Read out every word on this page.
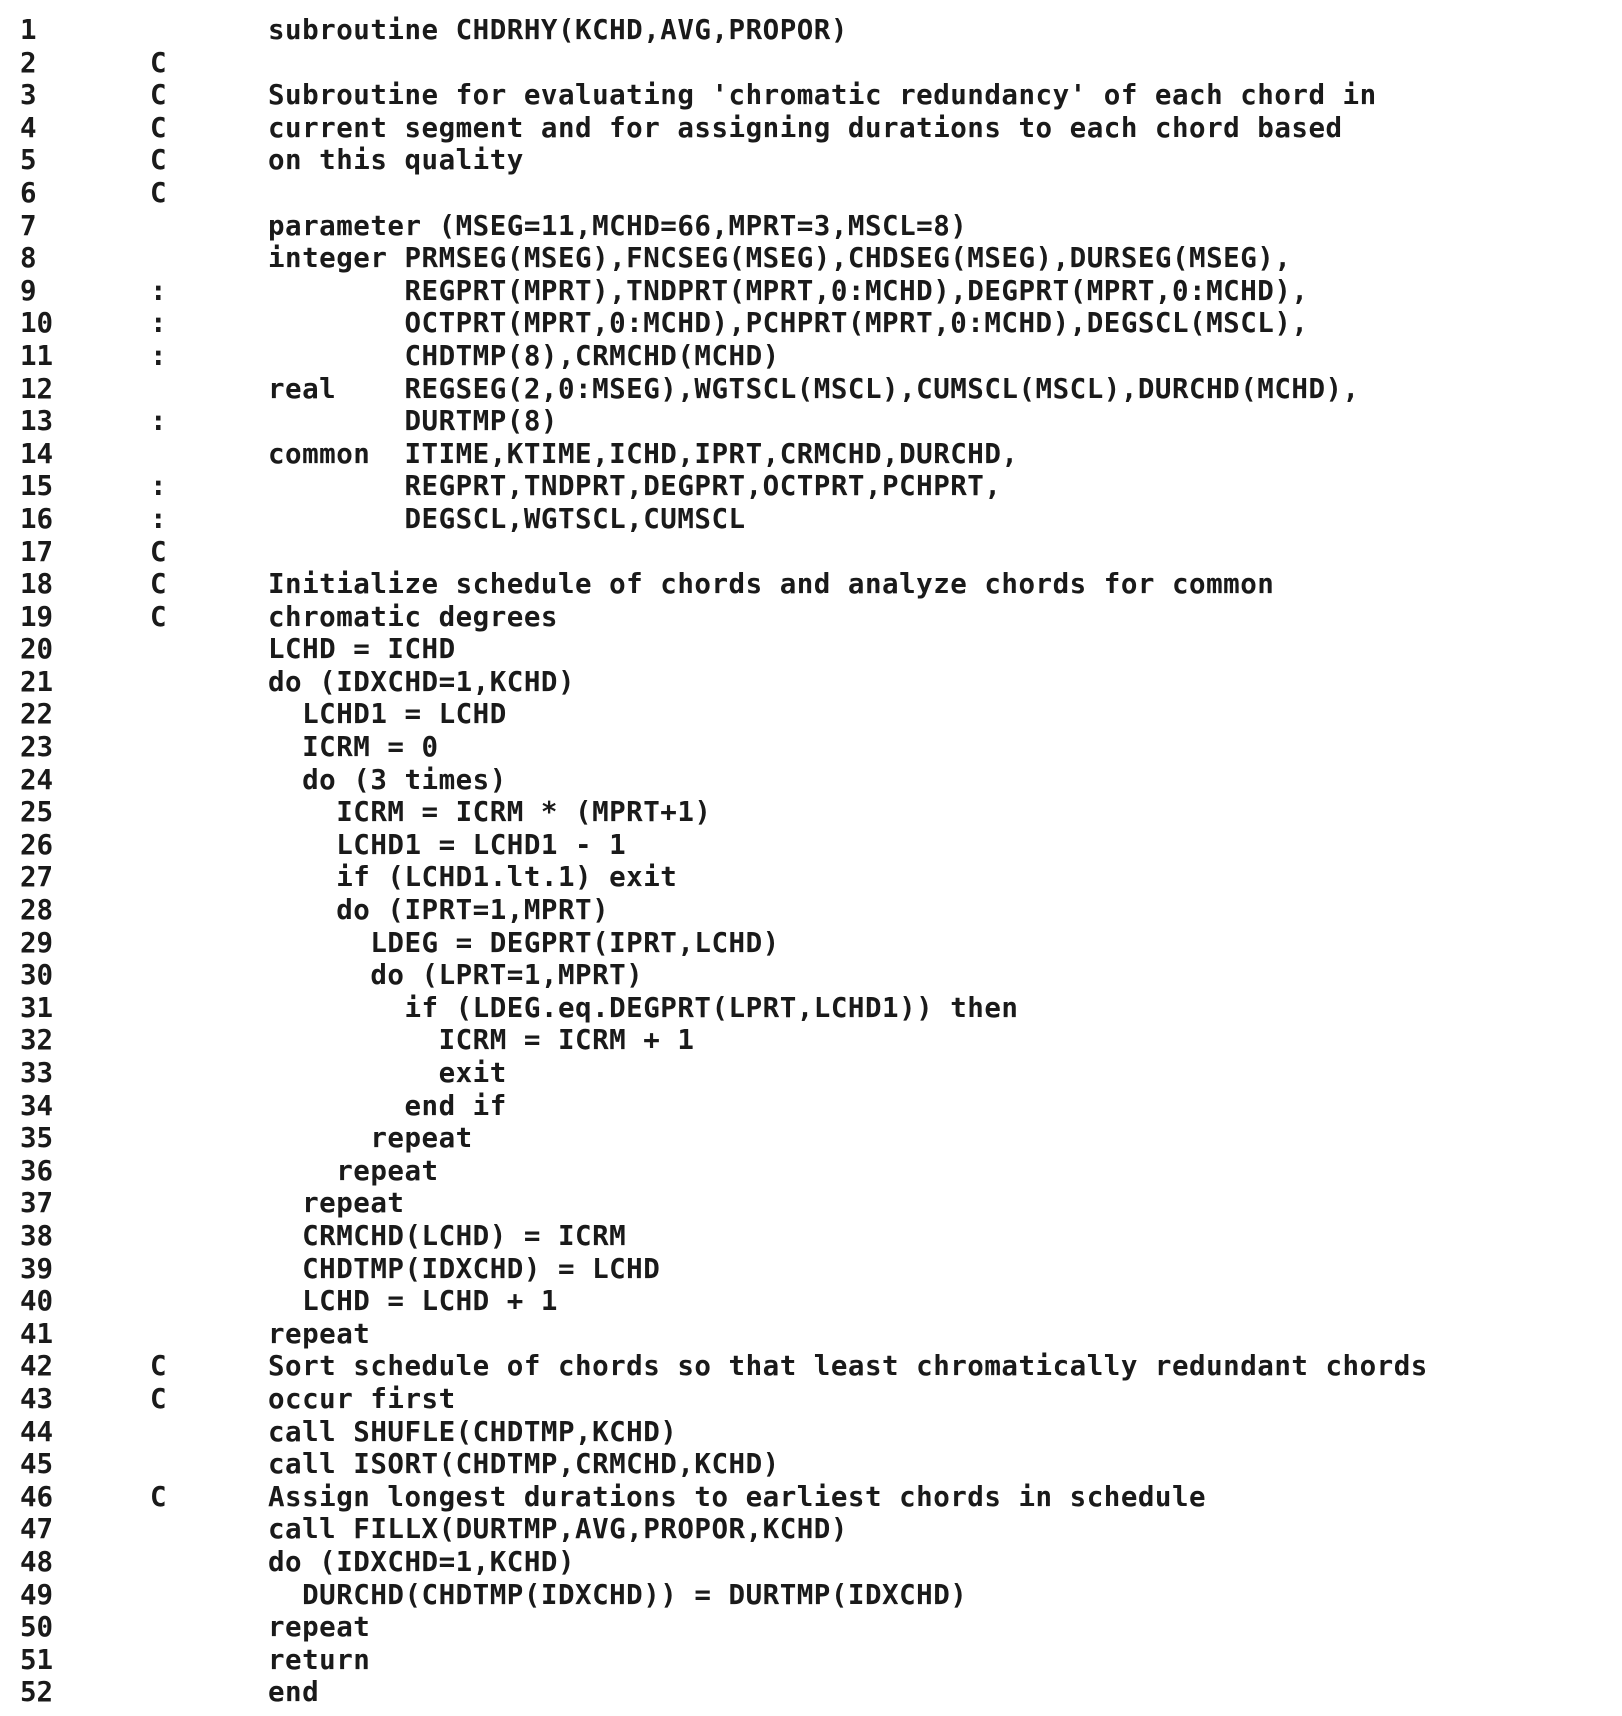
1	subroutine CHDRHY(KCHD,AVG,PROPOR)
2	C
3	C	Subroutine for evaluating 'chromatic redundancy' of each chord in
4	C	current segment and for assigning durations to each chord based
5	C	on this quality
6	C
7	parameter (MSEG=11,MCHD=66,MPRT=3,MSCL=8)
8	integer PRMSEG(MSEG),FNCSEG(MSEG),CHDSEG(MSEG),DURSEG(MSEG),
9	:	REGPRT(MPRT),TNDPRT(MPRT,0:MCHD),DEGPRT(MPRT,0:MCHD),
10	:	OCTPRT(MPRT,0:MCHD),PCHPRT(MPRT,0:MCHD),DEGSCL(MSCL),
11	:	CHDTMP(8),CRMCHD(MCHD)
12	real    REGSEG(2,0:MSEG),WGTSCL(MSCL),CUMSCL(MSCL),DURCHD(MCHD),
13	:	DURTMP(8)
14	common  ITIME,KTIME,ICHD,IPRT,CRMCHD,DURCHD,
15	:	REGPRT,TNDPRT,DEGPRT,OCTPRT,PCHPRT,
16	:	DEGSCL,WGTSCL,CUMSCL
17	C
18	C	Initialize schedule of chords and analyze chords for common
19	C	chromatic degrees
20	LCHD = ICHD
21	do (IDXCHD=1,KCHD)
22	LCHD1 = LCHD
23	ICRM = 0
24	do (3 times)
25	ICRM = ICRM * (MPRT+1)
26	LCHD1 = LCHD1 - 1
27	if (LCHD1.lt.1) exit
28	do (IPRT=1,MPRT)
29	LDEG = DEGPRT(IPRT,LCHD)
30	do (LPRT=1,MPRT)
31	if (LDEG.eq.DEGPRT(LPRT,LCHD1)) then
32	ICRM = ICRM + 1
33	exit
34	end if
35	repeat
36	repeat
37	repeat
38	CRMCHD(LCHD) = ICRM
39	CHDTMP(IDXCHD) = LCHD
40	LCHD = LCHD + 1
41	repeat
42	C	Sort schedule of chords so that least chromatically redundant chords
43	C	occur first
44	call SHUFLE(CHDTMP,KCHD)
45	call ISORT(CHDTMP,CRMCHD,KCHD)
46	C	Assign longest durations to earliest chords in schedule
47	call FILLX(DURTMP,AVG,PROPOR,KCHD)
48	do (IDXCHD=1,KCHD)
49	DURCHD(CHDTMP(IDXCHD)) = DURTMP(IDXCHD)
50	repeat
51	return
52	end
